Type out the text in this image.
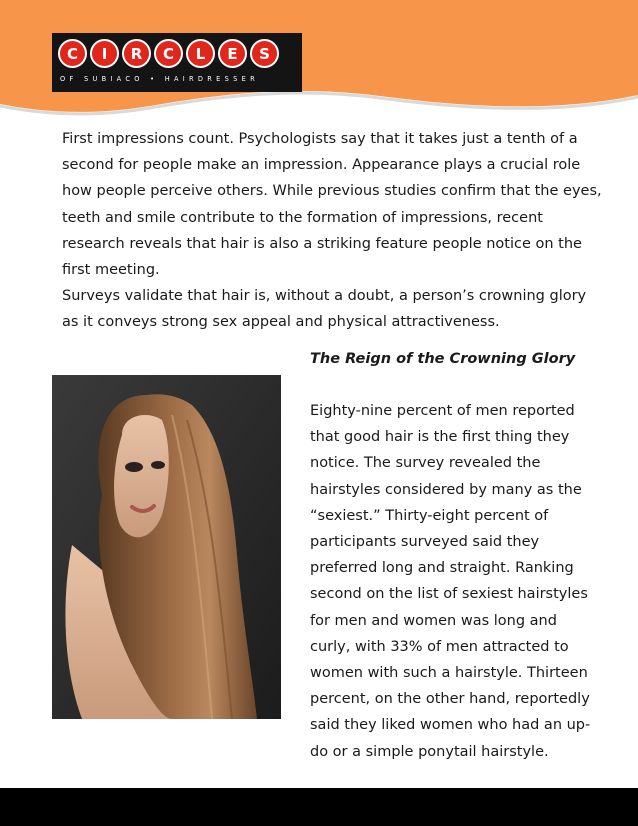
C	I	R	C	L	E	S
OF SUBIACO • HAIRDRESSER

First impressions count. Psychologists say that it takes just a tenth of a second for people make an impression. Appearance plays a crucial role how people perceive others. While previous studies confirm that the eyes, teeth and smile contribute to the formation of impressions, recent research reveals that hair is also a striking feature people notice on the first meeting.

Surveys validate that hair is, without a doubt, a person’s crowning glory as it conveys strong sex appeal and physical attractiveness.

The Reign of the Crowning Glory

Eighty-nine percent of men reported that good hair is the first thing they notice. The survey revealed the hairstyles considered by many as the “sexiest.” Thirty-eight percent of participants surveyed said they preferred long and straight. Ranking second on the list of sexiest hairstyles for men and women was long and curly, with 33% of men attracted to women with such a hairstyle. Thirteen percent, on the other hand, reportedly said they liked women who had an up-do or a simple ponytail hairstyle.
